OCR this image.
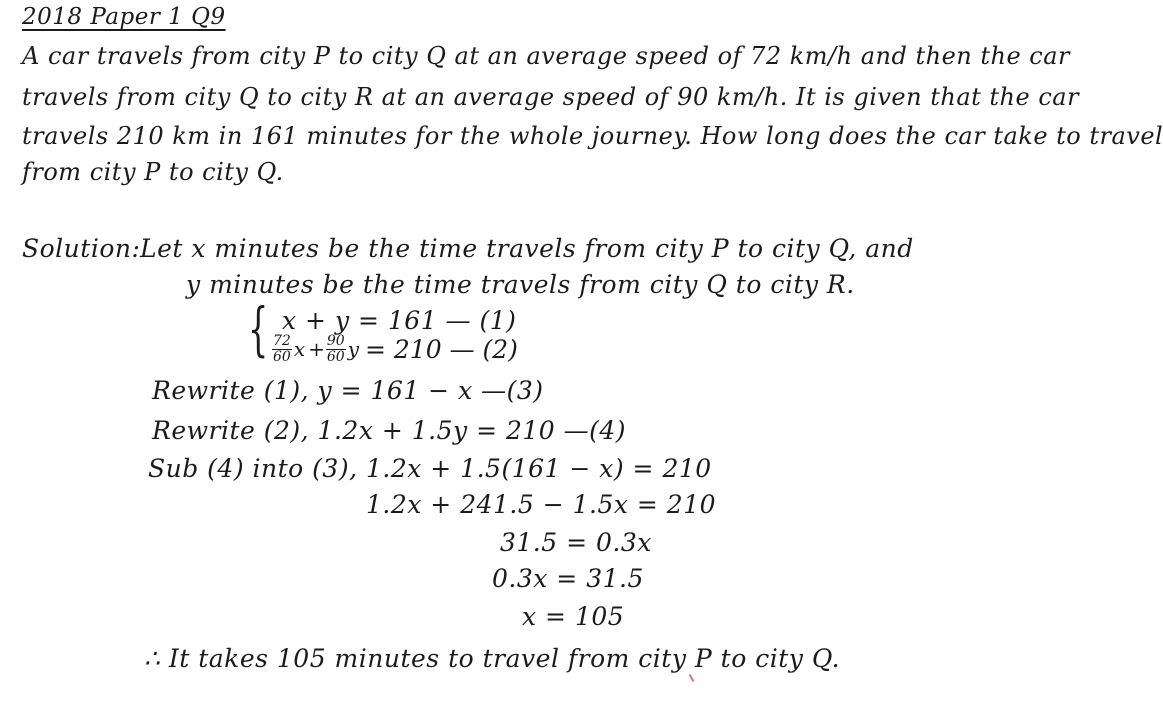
2018 Paper 1 Q9
A car travels from city P to city Q at an average speed of 72 km/h and then the car
travels from city Q to city R at an average speed of 90 km/h. It is given that the car
travels 210 km in 161 minutes for the whole journey. How long does the car take to travel
from city P to city Q.
Solution: Let x minutes be the time travels from city P to city Q, and
y minutes be the time travels from city Q to city R.
{ x + y = 161 — (1)
$\frac{72}{60}$ $x + \frac{90}{60}$ y = 210 — (2)
Rewrite (1), y = 161 − x —(3)
Rewrite (2), 1.2x + 1.5y = 210 —(4)
Sub (4) into (3), 1.2x + 1.5(161 − x) = 210
1.2x + 241.5 − 1.5x = 210
31.5 = 0.3x
0.3x = 31.5
x = 105
∴ It takes 105 minutes to travel from city P to city Q.
